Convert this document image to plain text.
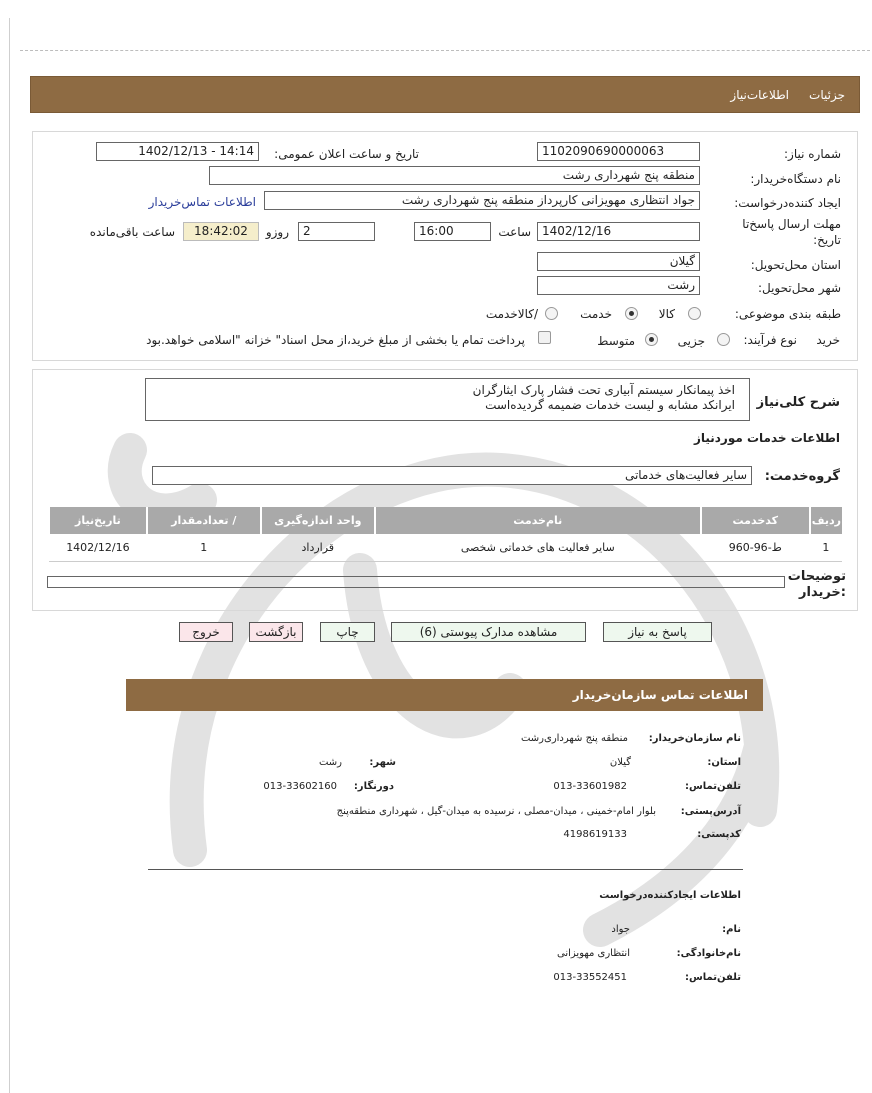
جزئیات
اطلاعات‌نیاز
شماره نیاز:
1102090690000063
تاریخ و ساعت اعلان عمومی:
1402/12/13 - 14:14
نام دستگاه‌خریدار:
منطقه پنج شهرداری رشت
ایجاد کننده‌درخواست:
جواد انتظاری مهویزانی کارپرداز منطقه پنج شهرداری رشت
اطلاعات تماس‌خریدار
مهلت ارسال پاسخ‌تا
تاریخ:
1402/12/16
ساعت
16:00
2
روزو
18:42:02
ساعت باقی‌مانده
استان محل‌تحویل:
گیلان
شهر محل‌تحویل:
رشت
طبقه بندی موضوعی:
کالا
خدمت
/کالاخدمت
نوع فرآیند: خرید
جزیی
متوسط
پرداخت تمام یا بخشی از مبلغ خرید،از محل اسناد" خزانه "اسلامی خواهد.بود
شرح کلی‌نیاز
اخذ پیمانکار سیستم آبیاری تحت فشار پارک ایثارگران
ایرانکد مشابه و لیست خدمات ضمیمه گردیده‌است
اطلاعات خدمات موردنیاز
گروه‌خدمت:
سایر فعالیت‌های خدماتی
ردیف	کدخدمت	نام‌خدمت	واحد اندازه‌گیری	/ تعدادمقدار	تاریخ‌نیاز
1	ط-96-960	سایر فعالیت های خدماتی شخصی	قرارداد	1	1402/12/16
توضیحات
:خریدار
پاسخ به نیاز
مشاهده مدارک پیوستی (6)
چاپ
بازگشت
خروج
اطلاعات تماس سازمان‌خریدار
نام سازمان‌خریدار:
منطقه پنج شهرداری‌رشت
استان:
گیلان
شهر:
رشت
تلفن‌تماس:
013-33601982
دورنگار:
013-33602160
آدرس‌پستی:
بلوار امام-خمینی ، میدان-مصلی ، نرسیده به میدان-گیل ، شهرداری منطقه‌پنج
کدپستی:
4198619133
اطلاعات ایجادکننده‌درخواست
نام:
جواد
نام‌خانوادگی:
انتظاری مهویزانی
تلفن‌تماس:
013-33552451
